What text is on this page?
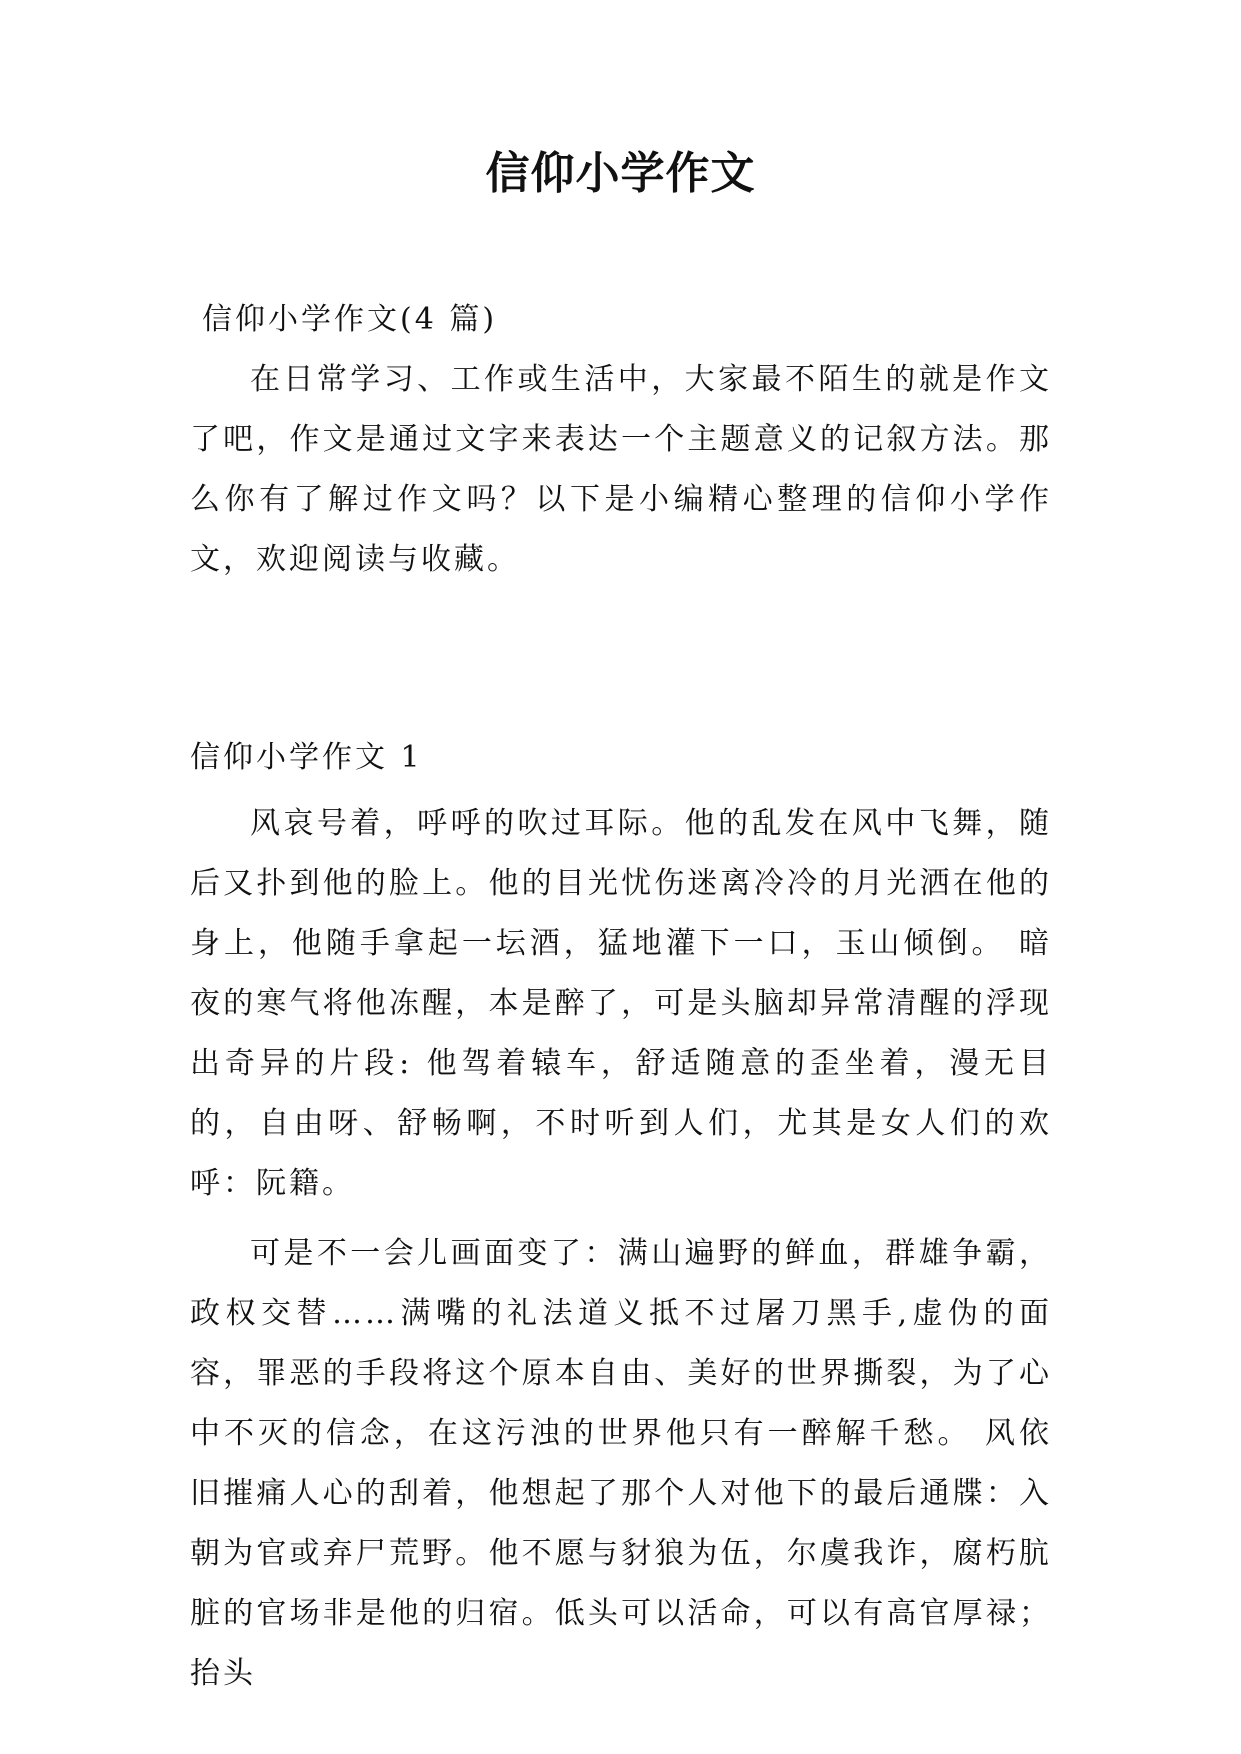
信仰小学作文

信仰小学作文(4 篇)

在日常学习、工作或生活中，大家最不陌生的就是作文了吧，作文是通过文字来表达一个主题意义的记叙方法。那么你有了解过作文吗？以下是小编精心整理的信仰小学作文，欢迎阅读与收藏。

信仰小学作文 1

风哀号着，呼呼的吹过耳际。他的乱发在风中飞舞，随后又扑到他的脸上。他的目光忧伤迷离冷冷的月光洒在他的身上，他随手拿起一坛酒，猛地灌下一口，玉山倾倒。 暗夜的寒气将他冻醒，本是醉了，可是头脑却异常清醒的浮现出奇异的片段: 他驾着辕车，舒适随意的歪坐着，漫无目的，自由呀、舒畅啊，不时听到人们，尤其是女人们的欢呼：阮籍。

可是不一会儿画面变了：满山遍野的鲜血，群雄争霸，政权交替……满嘴的礼法道义抵不过屠刀黑手,虚伪的面容，罪恶的手段将这个原本自由、美好的世界撕裂，为了心中不灭的信念，在这污浊的世界他只有一醉解千愁。 风依旧摧痛人心的刮着，他想起了那个人对他下的最后通牒：入朝为官或弃尸荒野。他不愿与豺狼为伍，尔虞我诈，腐朽肮脏的官场非是他的归宿。低头可以活命，可以有高官厚禄；抬头
